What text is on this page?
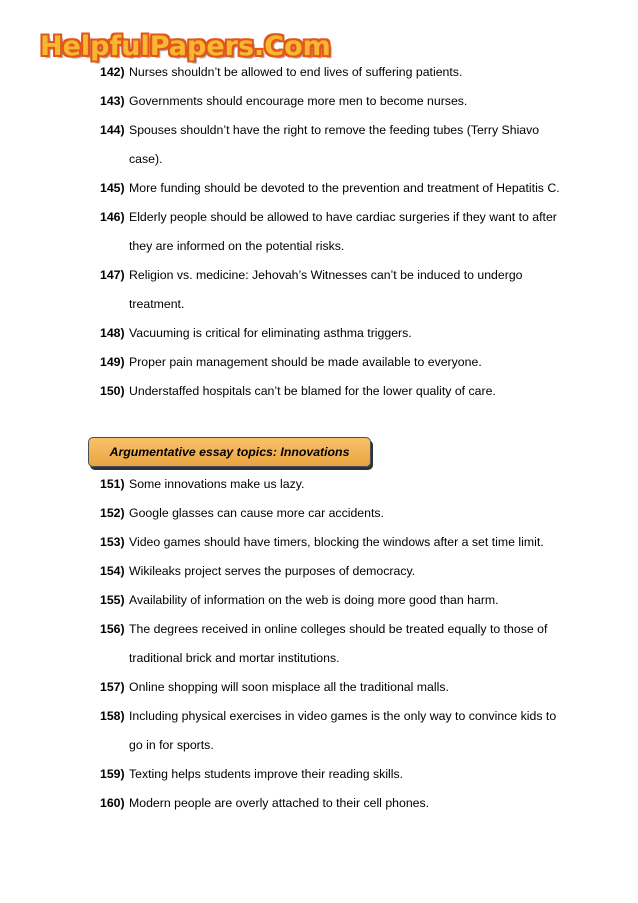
HelpfulPapers.Com
142) Nurses shouldn’t be allowed to end lives of suffering patients.
143) Governments should encourage more men to become nurses.
144) Spouses shouldn’t have the right to remove the feeding tubes (Terry Shiavo
case).
145) More funding should be devoted to the prevention and treatment of Hepatitis C.
146) Elderly people should be allowed to have cardiac surgeries if they want to after
they are informed on the potential risks.
147) Religion vs. medicine: Jehovah’s Witnesses can’t be induced to undergo
treatment.
148) Vacuuming is critical for eliminating asthma triggers.
149) Proper pain management should be made available to everyone.
150) Understaffed hospitals can’t be blamed for the lower quality of care.
Argumentative essay topics: Innovations
151) Some innovations make us lazy.
152) Google glasses can cause more car accidents.
153) Video games should have timers, blocking the windows after a set time limit.
154) Wikileaks project serves the purposes of democracy.
155) Availability of information on the web is doing more good than harm.
156) The degrees received in online colleges should be treated equally to those of
traditional brick and mortar institutions.
157) Online shopping will soon misplace all the traditional malls.
158) Including physical exercises in video games is the only way to convince kids to
go in for sports.
159) Texting helps students improve their reading skills.
160) Modern people are overly attached to their cell phones.
